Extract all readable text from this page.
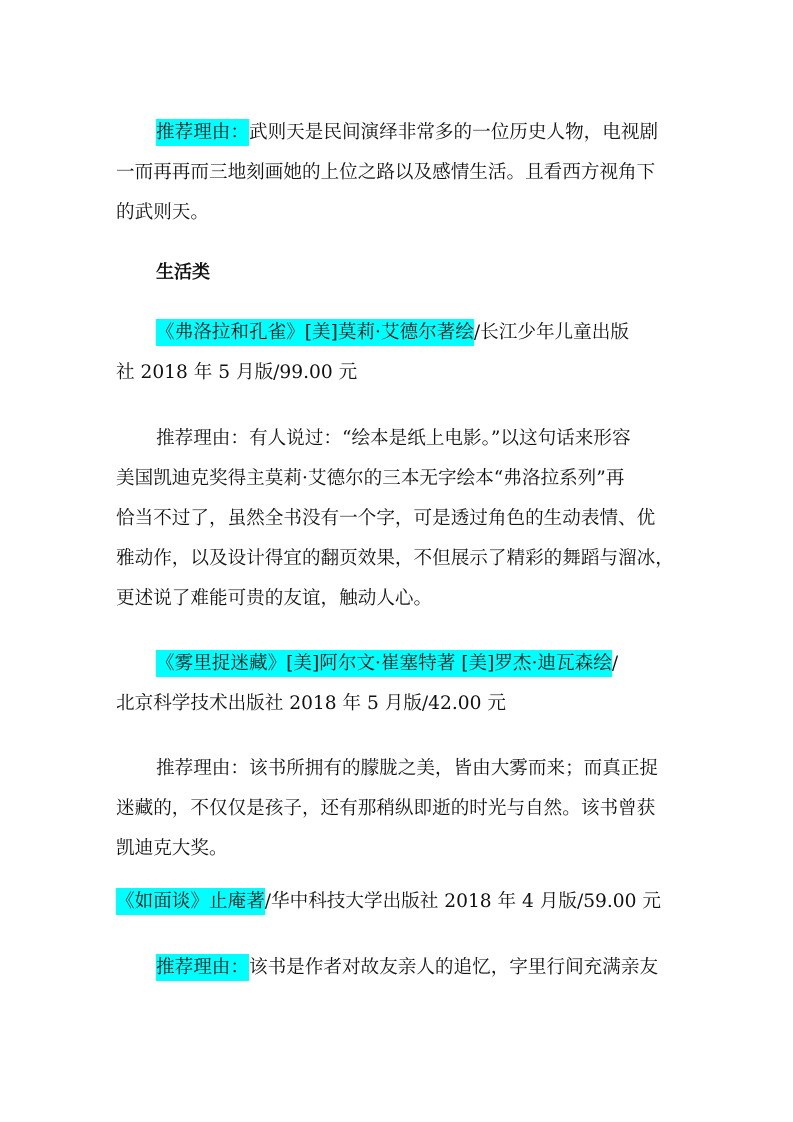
推荐理由：武则天是民间演绎非常多的一位历史人物，电视剧
一而再再而三地刻画她的上位之路以及感情生活。且看西方视角下
的武则天。
生活类
《弗洛拉和孔雀》[美]莫莉·艾德尔著绘/长江少年儿童出版
社 2018 年 5 月版/99.00 元
推荐理由：有人说过：“绘本是纸上电影。”以这句话来形容
美国凯迪克奖得主莫莉·艾德尔的三本无字绘本“弗洛拉系列”再
恰当不过了，虽然全书没有一个字，可是透过角色的生动表情、优
雅动作，以及设计得宜的翻页效果，不但展示了精彩的舞蹈与溜冰，
更述说了难能可贵的友谊，触动人心。
《雾里捉迷藏》[美]阿尔文·崔塞特著 [美]罗杰·迪瓦森绘/
北京科学技术出版社 2018 年 5 月版/42.00 元
推荐理由：该书所拥有的朦胧之美，皆由大雾而来；而真正捉
迷藏的，不仅仅是孩子，还有那稍纵即逝的时光与自然。该书曾获
凯迪克大奖。
《如面谈》止庵著/华中科技大学出版社 2018 年 4 月版/59.00 元
推荐理由：该书是作者对故友亲人的追忆，字里行间充满亲友
